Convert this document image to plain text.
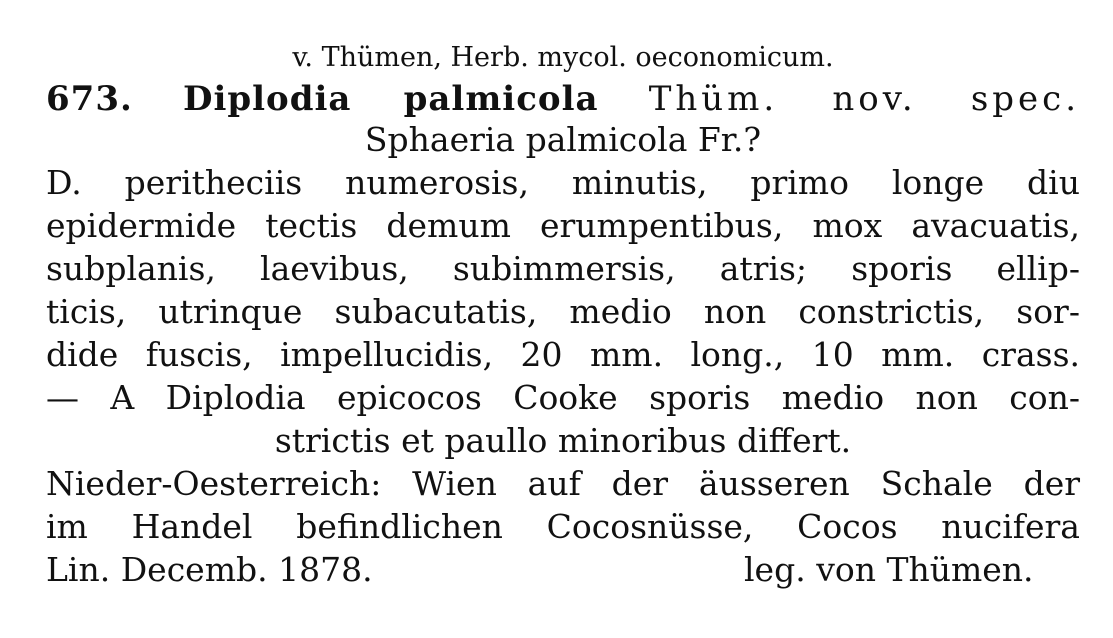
v. Thümen, Herb. mycol. oeconomicum.
673. Diplodia palmicola Thüm. nov. spec.
Sphaeria palmicola Fr.?
D. peritheciis numerosis, minutis, primo longe diu
epidermide tectis demum erumpentibus, mox avacuatis,
subplanis, laevibus, subimmersis, atris; sporis ellip-
ticis, utrinque subacutatis, medio non constrictis, sor-
dide fuscis, impellucidis, 20 mm. long., 10 mm. crass.
— A Diplodia epicocos Cooke sporis medio non con-
strictis et paullo minoribus differt.
Nieder-Oesterreich: Wien auf der äusseren Schale der
im Handel befindlichen Cocosnüsse, Cocos nucifera
Lin. Decemb. 1878.	leg. von Thümen.
